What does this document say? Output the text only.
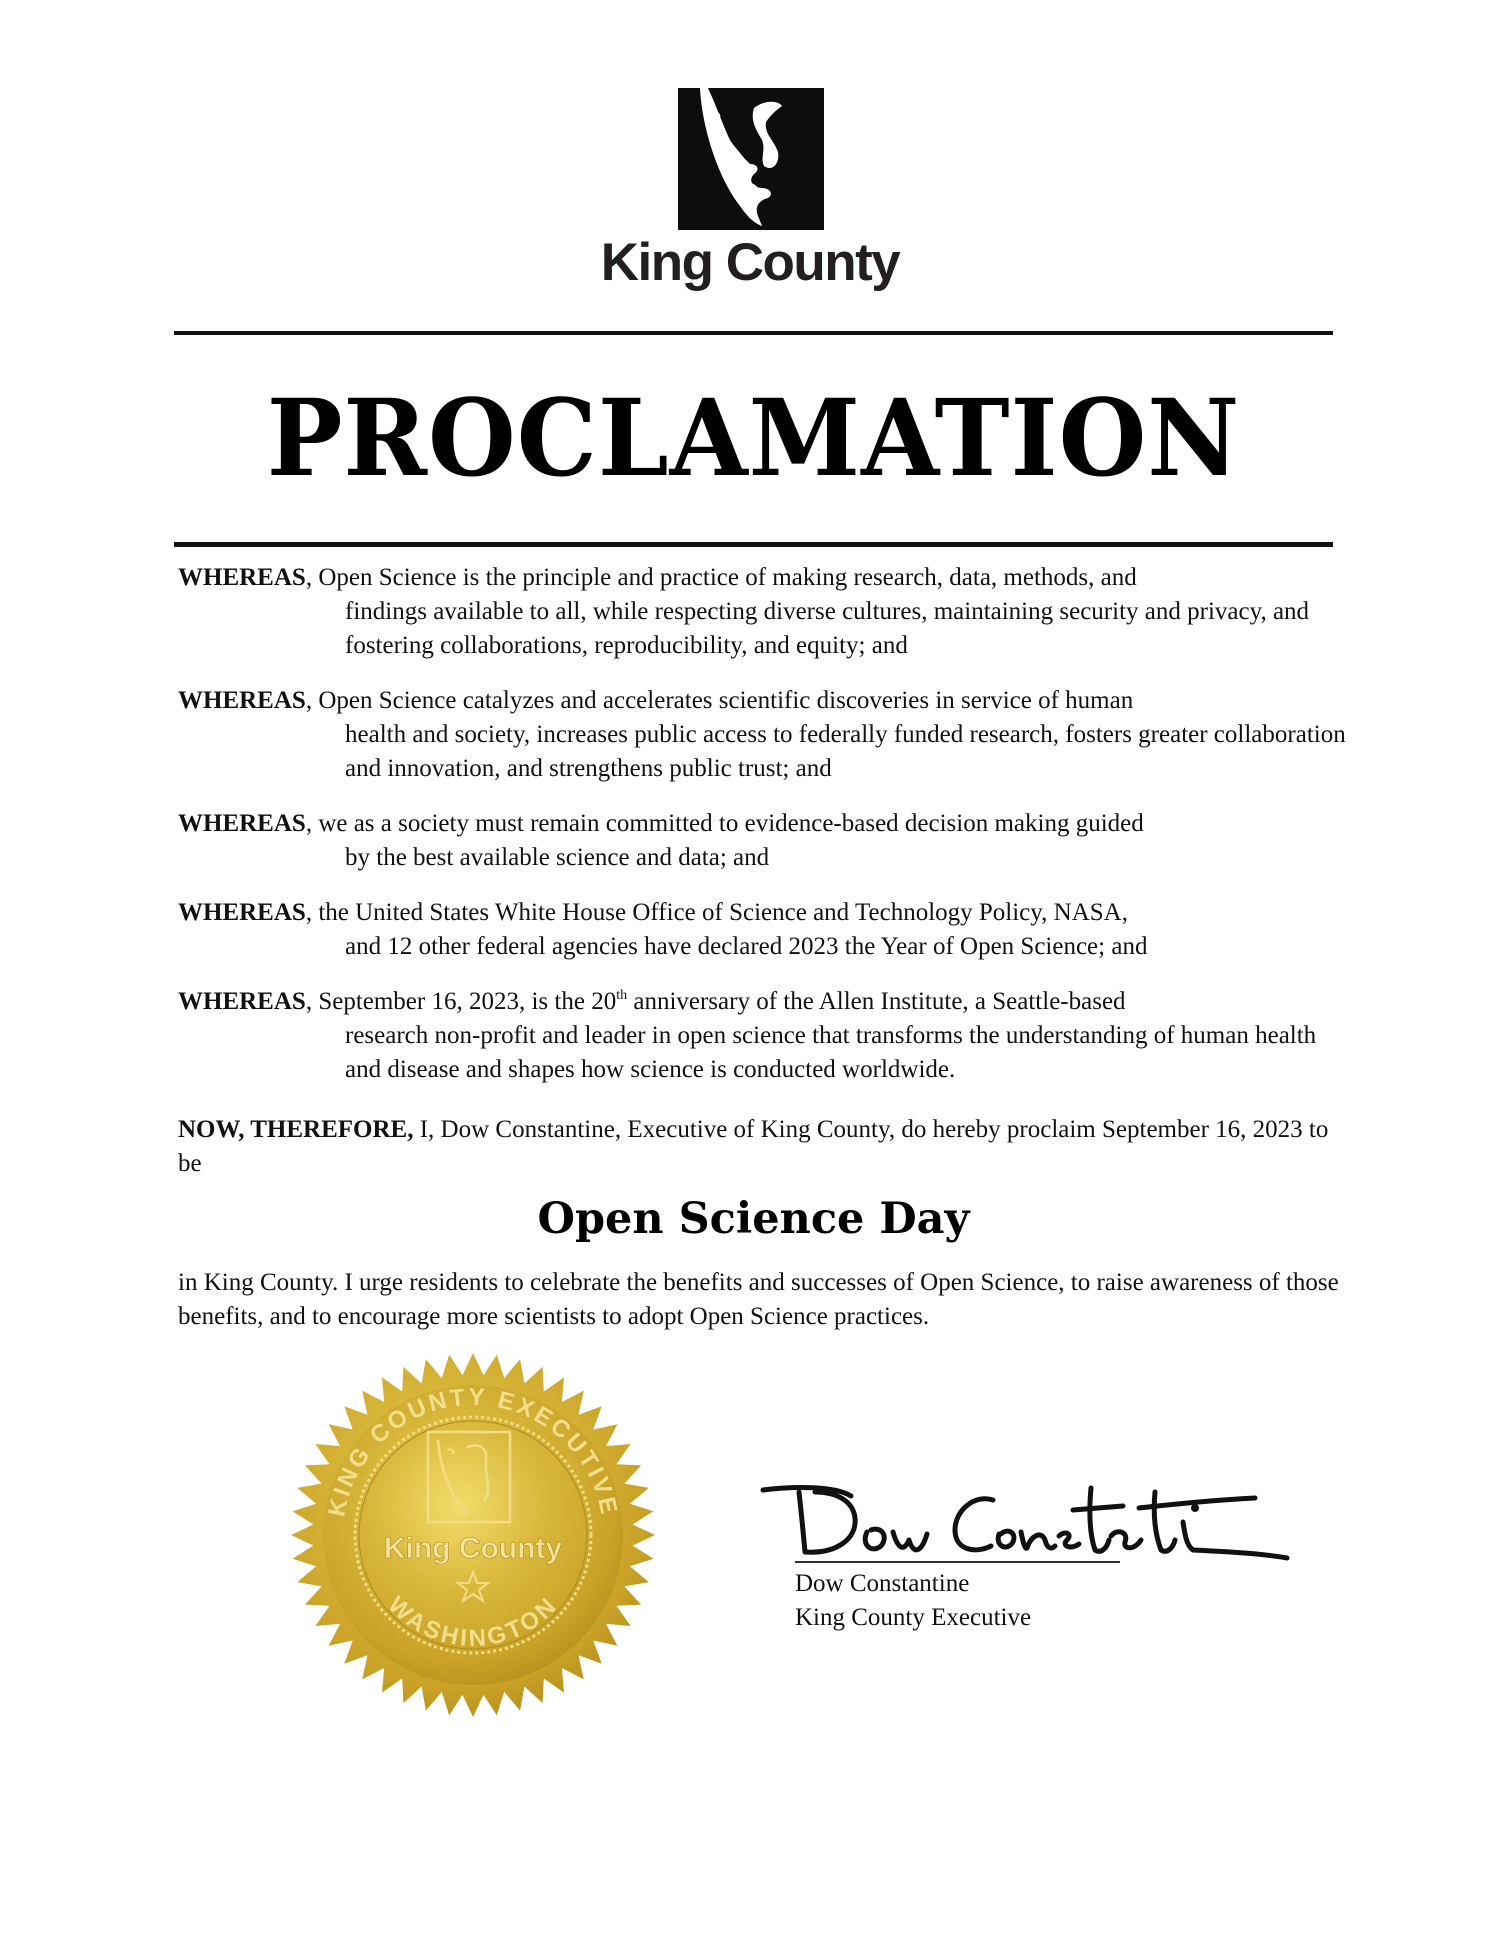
King County
PROCLAMATION
WHEREAS, Open Science is the principle and practice of making research, data, methods, and
findings available to all, while respecting diverse cultures, maintaining security and privacy, and fostering collaborations, reproducibility, and equity; and
WHEREAS, Open Science catalyzes and accelerates scientific discoveries in service of human
health and society, increases public access to federally funded research, fosters greater collaboration and innovation, and strengthens public trust; and
WHEREAS, we as a society must remain committed to evidence-based decision making guided
by the best available science and data; and
WHEREAS, the United States White House Office of Science and Technology Policy, NASA,
and 12 other federal agencies have declared 2023 the Year of Open Science; and
WHEREAS, September 16, 2023, is the 20th anniversary of the Allen Institute, a Seattle-based
research non-profit and leader in open science that transforms the understanding of human health and disease and shapes how science is conducted worldwide.
NOW, THEREFORE, I, Dow Constantine, Executive of King County, do hereby proclaim September 16, 2023 to be
Open Science Day
in King County. I urge residents to celebrate the benefits and successes of Open Science, to raise awareness of those benefits, and to encourage more scientists to adopt Open Science practices.
KING COUNTY EXECUTIVE
WASHINGTON
King County
Dow Constantine
King County Executive
